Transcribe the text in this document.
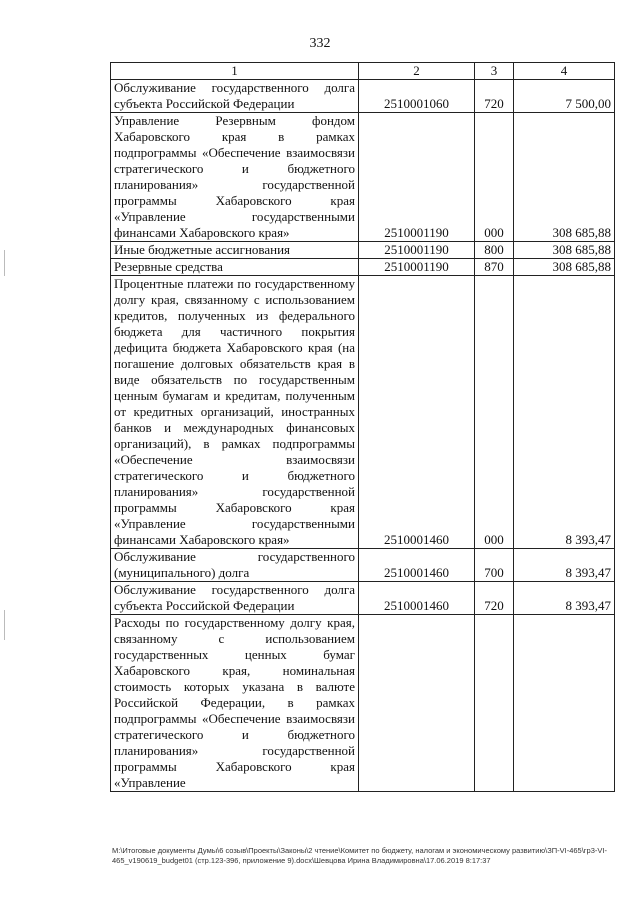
332
1	2	3	4
Обслуживание государственного долга субъекта Российской Федерации	2510001060	720	7 500,00
Управление Резервным фондом Хабаровского края в рамках подпрограммы «Обеспечение взаимосвязи стратегического и бюджетного планирования» государственной программы Хабаровского края «Управление государственными финансами Хабаровского края»	2510001190	000	308 685,88
Иные бюджетные ассигнования	2510001190	800	308 685,88
Резервные средства	2510001190	870	308 685,88
Процентные платежи по государственному долгу края, связанному с использованием кредитов, полученных из федерального бюджета для частичного покрытия дефицита бюджета Хабаровского края (на погашение долговых обязательств края в виде обязательств по государственным ценным бумагам и кредитам, полученным от кредитных организаций, иностранных банков и международных финансовых организаций), в рамках подпрограммы «Обеспечение взаимосвязи стратегического и бюджетного планирования» государственной программы Хабаровского края «Управление государственными финансами Хабаровского края»	2510001460	000	8 393,47
Обслуживание государственного (муниципального) долга	2510001460	700	8 393,47
Обслуживание государственного долга субъекта Российской Федерации	2510001460	720	8 393,47
Расходы по государственному долгу края, связанному с использованием государственных ценных бумаг Хабаровского края, номинальная стоимость которых указана в валюте Российской Федерации, в рамках подпрограммы «Обеспечение взаимосвязи стратегического и бюджетного планирования» государственной программы Хабаровского края «Управление			
M:\Итоговые документы Думы\6 созыв\Проекты\Законы\2 чтение\Комитет по бюджету, налогам и экономическому развитию\ЗП-VI-465\гр3-VI-465_v190619_budget01 (стр.123-396, приложение 9).docx\Шевцова Ирина Владимировна\17.06.2019 8:17:37
